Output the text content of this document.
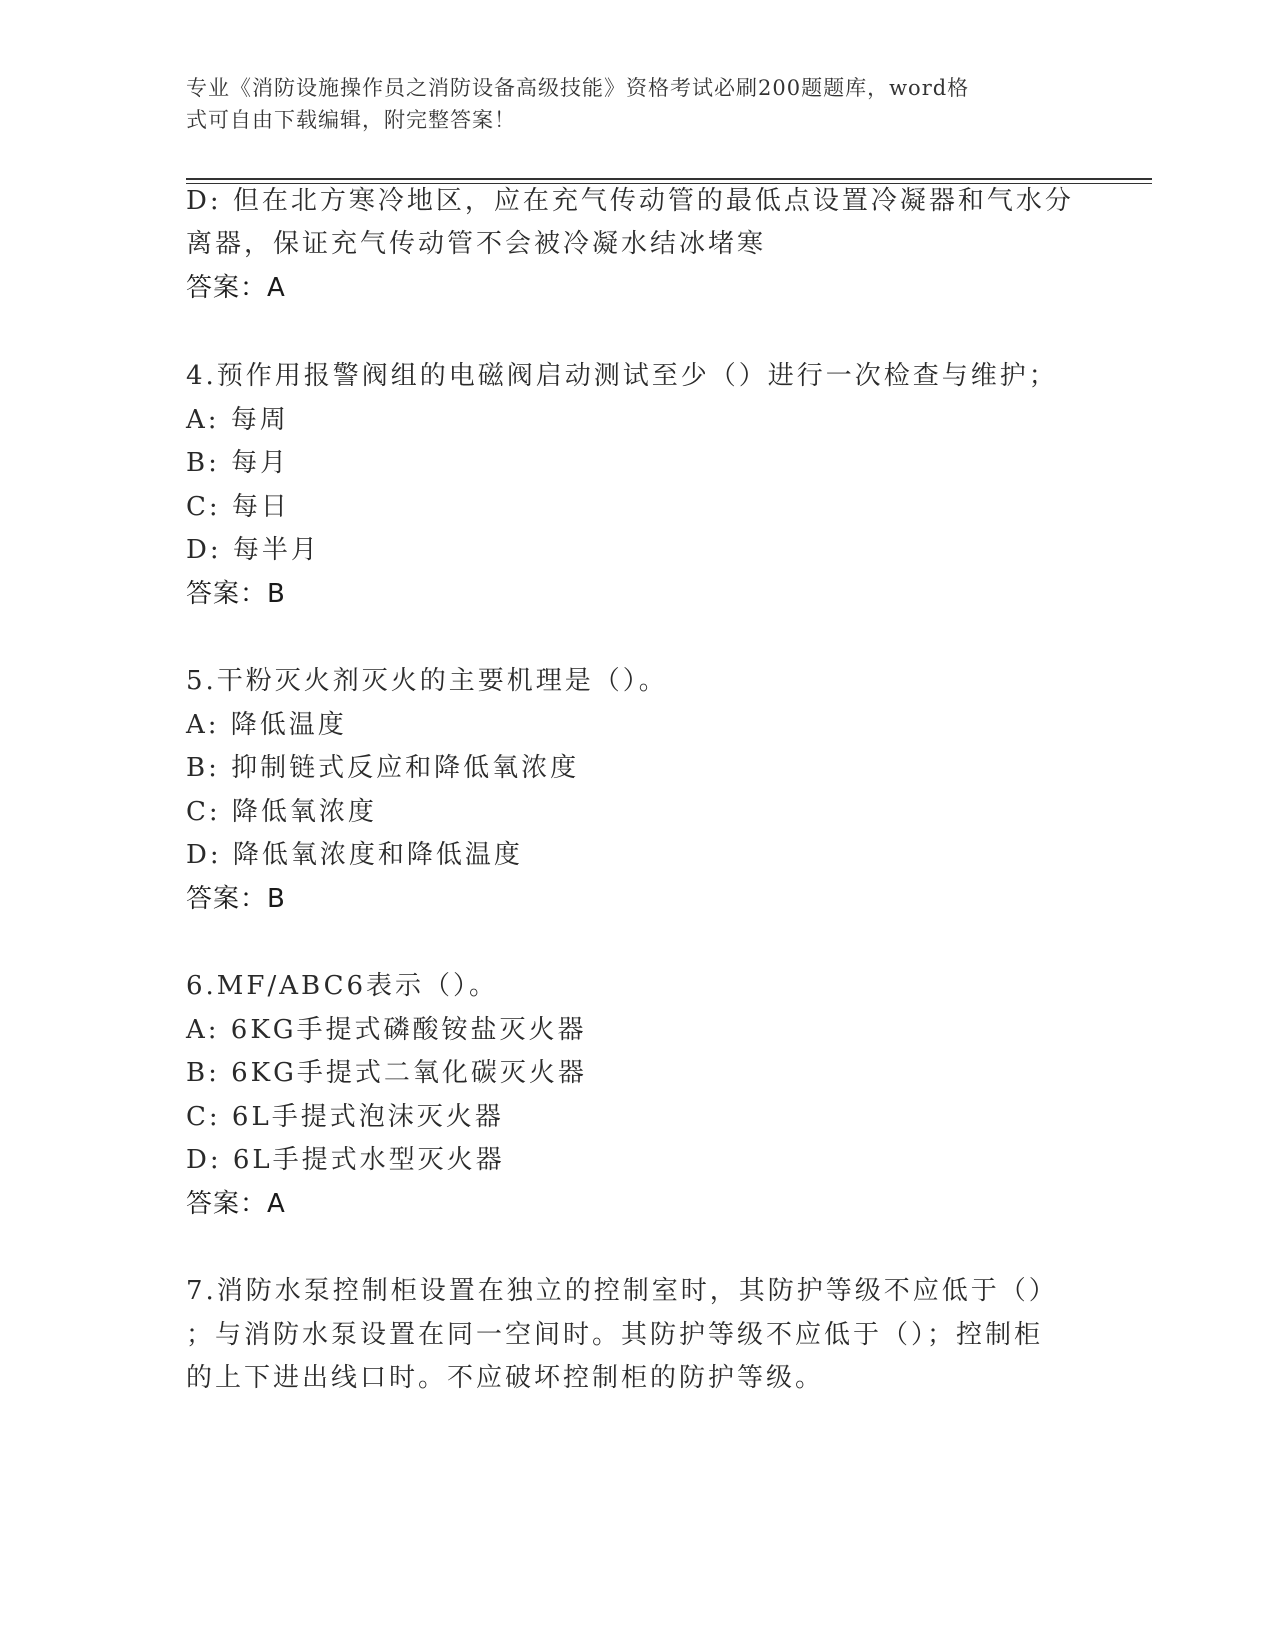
专业《消防设施操作员之消防设备高级技能》资格考试必刷200题题库，word格
式可自由下载编辑，附完整答案！
D: 但在北方寒冷地区，应在充气传动管的最低点设置冷凝器和气水分
离器，保证充气传动管不会被冷凝水结冰堵寒
答案：A
4.预作用报警阀组的电磁阀启动测试至少（）进行一次检查与维护；
A: 每周
B: 每月
C: 每日
D: 每半月
答案：B
5.干粉灭火剂灭火的主要机理是（）。
A: 降低温度
B: 抑制链式反应和降低氧浓度
C: 降低氧浓度
D: 降低氧浓度和降低温度
答案：B
6.MF/ABC6表示（）。
A: 6KG手提式磷酸铵盐灭火器
B: 6KG手提式二氧化碳灭火器
C: 6L手提式泡沫灭火器
D: 6L手提式水型灭火器
答案：A
7.消防水泵控制柜设置在独立的控制室时，其防护等级不应低于（）
；与消防水泵设置在同一空间时。其防护等级不应低于（）；控制柜
的上下进出线口时。不应破坏控制柜的防护等级。
